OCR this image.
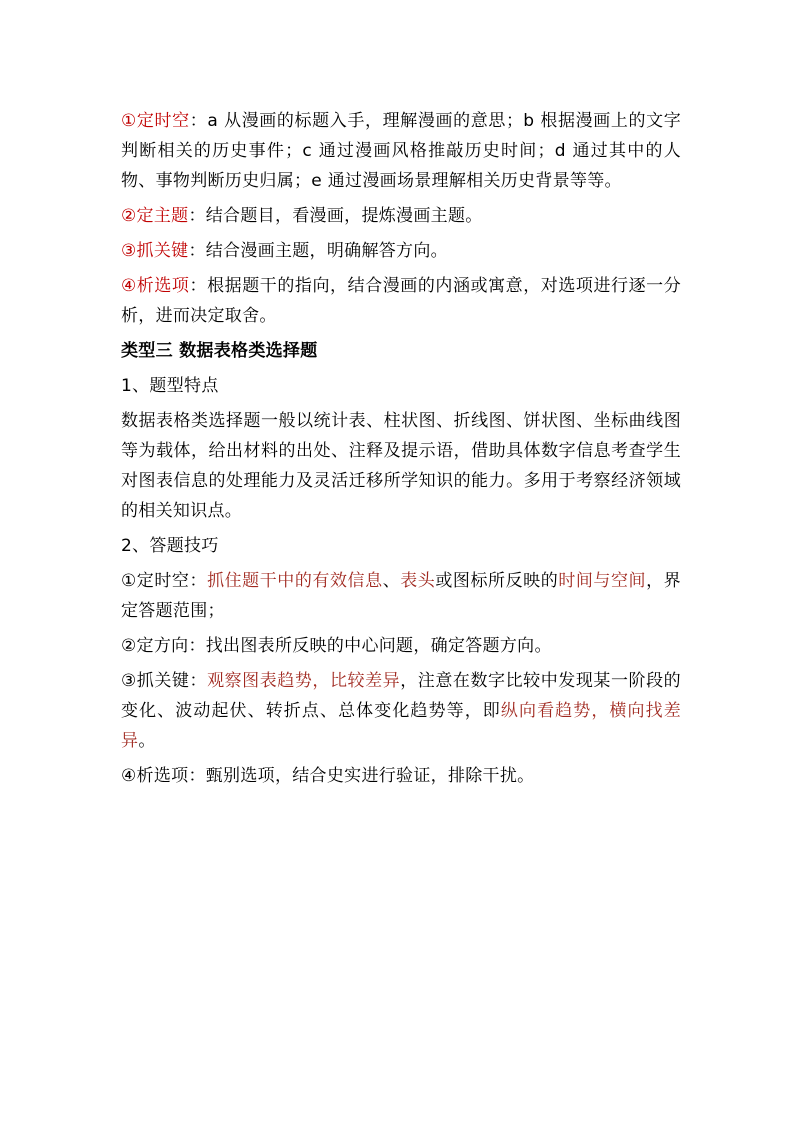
①定时空：a 从漫画的标题入手，理解漫画的意思；b 根据漫画上的文字判断相关的历史事件；c 通过漫画风格推敲历史时间；d 通过其中的人物、事物判断历史归属；e 通过漫画场景理解相关历史背景等等。

②定主题：结合题目，看漫画，提炼漫画主题。

③抓关键：结合漫画主题，明确解答方向。

④析选项：根据题干的指向，结合漫画的内涵或寓意，对选项进行逐一分析，进而决定取舍。

类型三 数据表格类选择题

1、题型特点

数据表格类选择题一般以统计表、柱状图、折线图、饼状图、坐标曲线图等为载体，给出材料的出处、注释及提示语，借助具体数字信息考查学生对图表信息的处理能力及灵活迁移所学知识的能力。多用于考察经济领域的相关知识点。

2、答题技巧

①定时空：抓住题干中的有效信息、表头或图标所反映的时间与空间，界定答题范围；

②定方向：找出图表所反映的中心问题，确定答题方向。

③抓关键：观察图表趋势，比较差异，注意在数字比较中发现某一阶段的变化、波动起伏、转折点、总体变化趋势等，即纵向看趋势，横向找差异。

④析选项：甄别选项，结合史实进行验证，排除干扰。
